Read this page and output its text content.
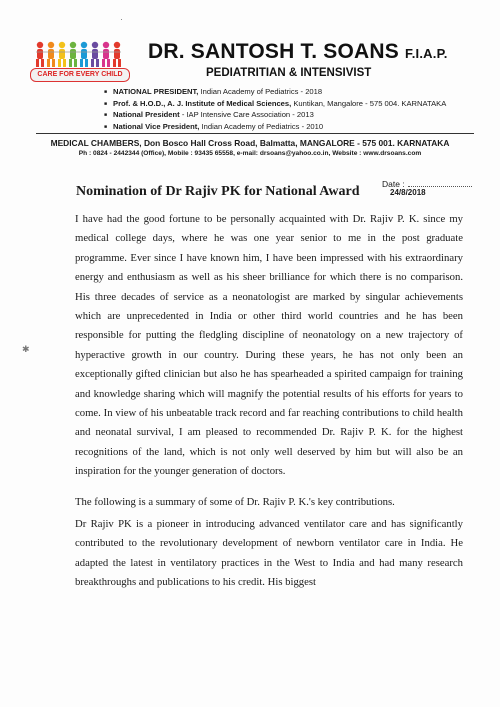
CARE FOR EVERY CHILD
DR. SANTOSH T. SOANS F.I.A.P.
PEDIATRITIAN & INTENSIVIST
■ NATIONAL PRESIDENT, Indian Academy of Pediatrics - 2018
■ Prof. & H.O.D., A. J. Institute of Medical Sciences, Kuntikan, Mangalore - 575 004. KARNATAKA
■ National President - IAP Intensive Care Association - 2013
■ National Vice President, Indian Academy of Pediatrics - 2010
MEDICAL CHAMBERS, Don Bosco Hall Cross Road, Balmatta, MANGALORE - 575 001. KARNATAKA
Ph : 0824 - 2442344 (Office), Mobile : 93435 65558, e-mail: drsoans@yahoo.co.in, Website : www.drsoans.com
Date :
24/8/2018
Nomination of Dr Rajiv PK for National Award
I have had the good fortune to be personally acquainted with Dr. Rajiv P. K. since my medical college days, where he was one year senior to me in the post graduate programme. Ever since I have known him, I have been impressed with his extraordinary energy and enthusiasm as well as his sheer brilliance for which there is no comparison. His three decades of service as a neonatologist are marked by singular achievements which are unprecedented in India or other third world countries and he has been responsible for putting the fledgling discipline of neonatology on a new trajectory of hyperactive growth in our country. During these years, he has not only been an exceptionally gifted clinician but also he has spearheaded a spirited campaign for training and knowledge sharing which will magnify the potential results of his efforts for years to come. In view of his unbeatable track record and far reaching contributions to child health and neonatal survival, I am pleased to recommended Dr. Rajiv P. K. for the highest recognitions of the land, which is not only well deserved by him but will also be an inspiration for the younger generation of doctors.
The following is a summary of some of Dr. Rajiv P. K.'s key contributions.
Dr Rajiv PK is a pioneer in introducing advanced ventilator care and has significantly contributed to the revolutionary development of newborn ventilator care in India. He adapted the latest in ventilatory practices in the West to India and had many research breakthroughs and publications to his credit. His biggest
·
✱
